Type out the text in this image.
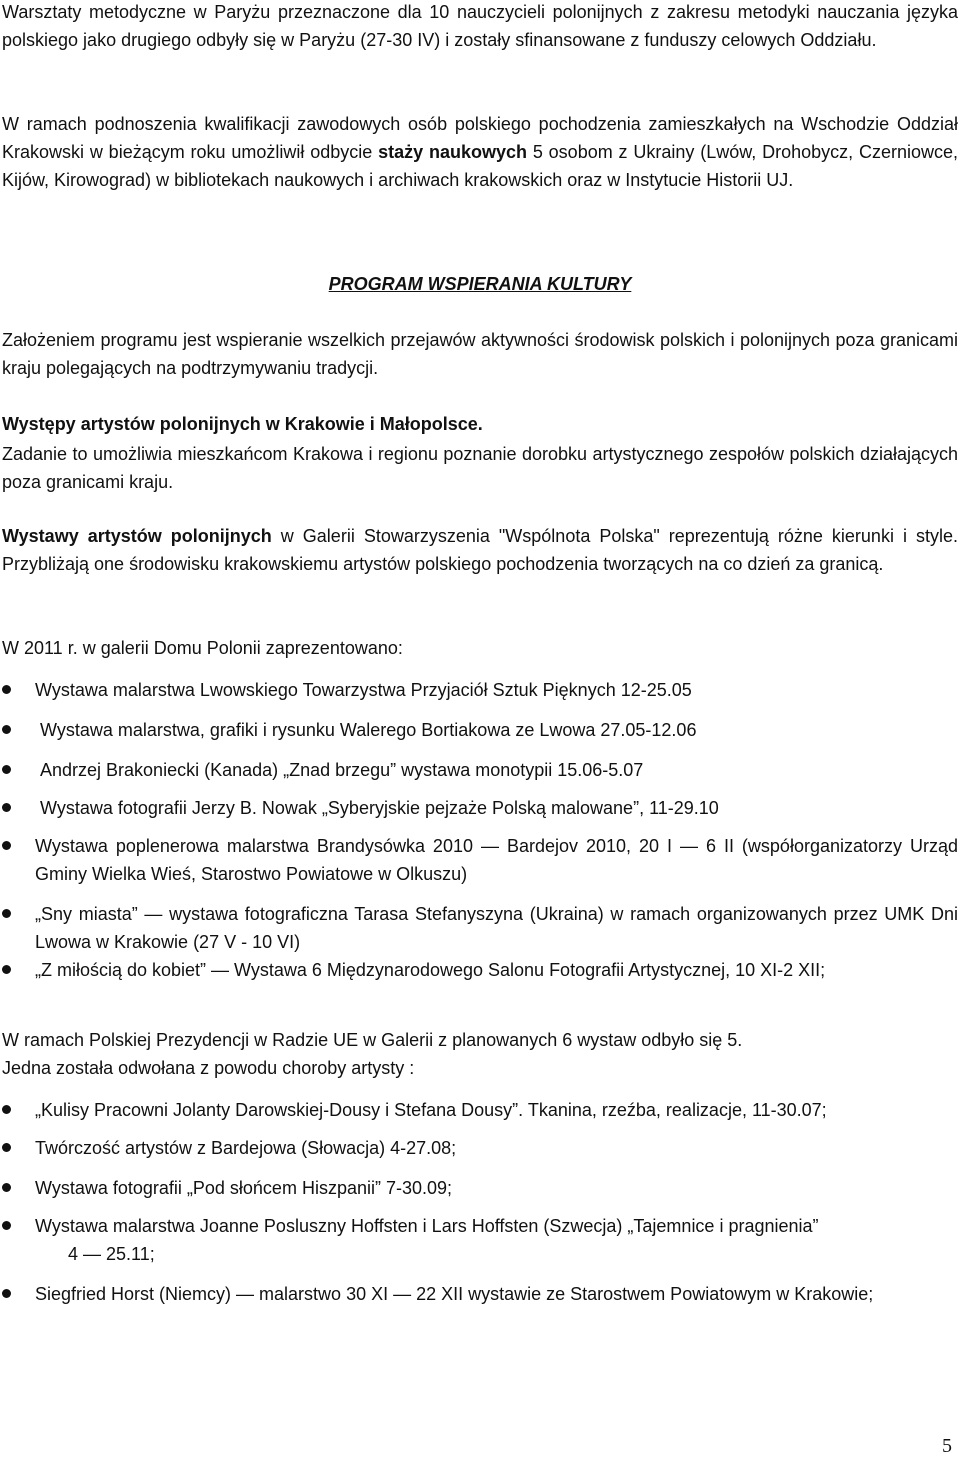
Warsztaty metodyczne w Paryżu przeznaczone dla 10 nauczycieli polonijnych z zakresu metodyki nauczania języka polskiego jako drugiego odbyły się w Paryżu (27-30 IV) i zostały sfinansowane z funduszy celowych Oddziału.

W ramach podnoszenia kwalifikacji zawodowych osób polskiego pochodzenia zamieszkałych na Wschodzie Oddział Krakowski w bieżącym roku umożliwił odbycie staży naukowych 5 osobom z Ukrainy (Lwów, Drohobycz, Czerniowce, Kijów, Kirowograd) w bibliotekach naukowych i archiwach krakowskich oraz w Instytucie Historii UJ.

PROGRAM WSPIERANIA KULTURY

Założeniem programu jest wspieranie wszelkich przejawów aktywności środowisk polskich i polonijnych poza granicami kraju polegających na podtrzymywaniu tradycji.

Występy artystów polonijnych w Krakowie i Małopolsce.

Zadanie to umożliwia mieszkańcom Krakowa i regionu poznanie dorobku artystycznego zespołów polskich działających poza granicami kraju.

Wystawy artystów polonijnych w Galerii Stowarzyszenia "Wspólnota Polska" reprezentują różne kierunki i style. Przybliżają one środowisku krakowskiemu artystów polskiego pochodzenia tworzących na co dzień za granicą.

W 2011 r. w galerii Domu Polonii zaprezentowano:

Wystawa malarstwa Lwowskiego Towarzystwa Przyjaciół Sztuk Pięknych 12-25.05
Wystawa malarstwa, grafiki i rysunku Walerego Bortiakowa ze Lwowa 27.05-12.06
Andrzej Brakoniecki (Kanada) „Znad brzegu” wystawa monotypii 15.06-5.07
Wystawa fotografii Jerzy B. Nowak „Syberyjskie pejzaże Polską malowane”, 11-29.10
Wystawa poplenerowa malarstwa Brandysówka 2010 — Bardejov 2010, 20 I — 6 II (współorganizatorzy Urząd Gminy Wielka Wieś, Starostwo Powiatowe w Olkuszu)
„Sny miasta” — wystawa fotograficzna Tarasa Stefanyszyna (Ukraina) w ramach organizowanych przez UMK Dni Lwowa w Krakowie (27 V - 10 VI)
„Z miłością do kobiet” — Wystawa 6 Międzynarodowego Salonu Fotografii Artystycznej, 10 XI-2 XII;

W ramach Polskiej Prezydencji w Radzie UE w Galerii z planowanych 6 wystaw odbyło się 5.
Jedna została odwołana z powodu choroby artysty :

„Kulisy Pracowni Jolanty Darowskiej-Dousy i Stefana Dousy”. Tkanina, rzeźba, realizacje, 11-30.07;
Twórczość artystów z Bardejowa (Słowacja) 4-27.08;
Wystawa fotografii „Pod słońcem Hiszpanii” 7-30.09;
Wystawa malarstwa Joanne Posluszny Hoffsten i Lars Hoffsten (Szwecja) „Tajemnice i pragnienia”
4 — 25.11;
Siegfried Horst (Niemcy) — malarstwo 30 XI — 22 XII wystawie ze Starostwem Powiatowym w Krakowie;
5
